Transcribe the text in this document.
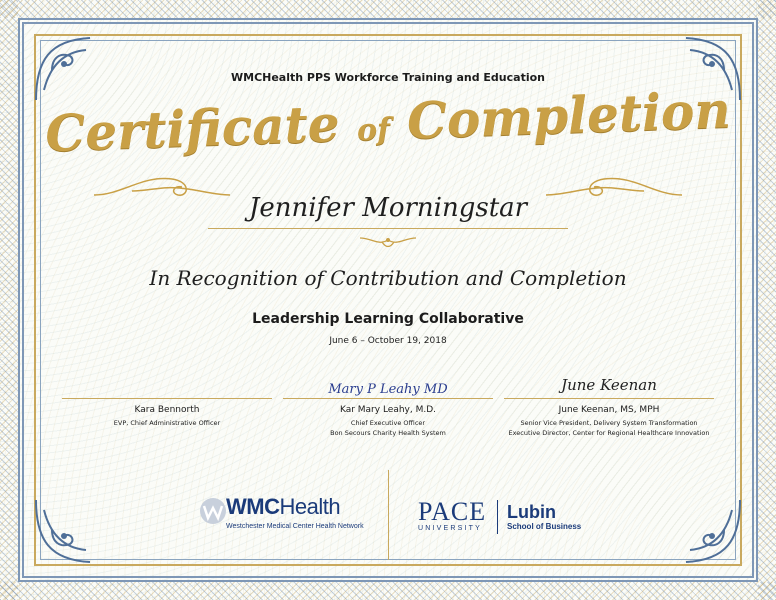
WMCHealth PPS Workforce Training and Education
Certificate of Completion
Jennifer Morningstar
In Recognition of Contribution and Completion
Leadership Learning Collaborative
June 6 – October 19, 2018
Kara Bennorth
EVP, Chief Administrative Officer
Mary P Leahy MD
Kar Mary Leahy, M.D.
Chief Executive Officer
Bon Secours Charity Health System
June Keenan
June Keenan, MS, MPH
Senior Vice President, Delivery System Transformation
Executive Director, Center for Regional Healthcare Innovation
WMCHealth
Westchester Medical Center Health Network
PACE
UNIVERSITY
Lubin
School of Business
